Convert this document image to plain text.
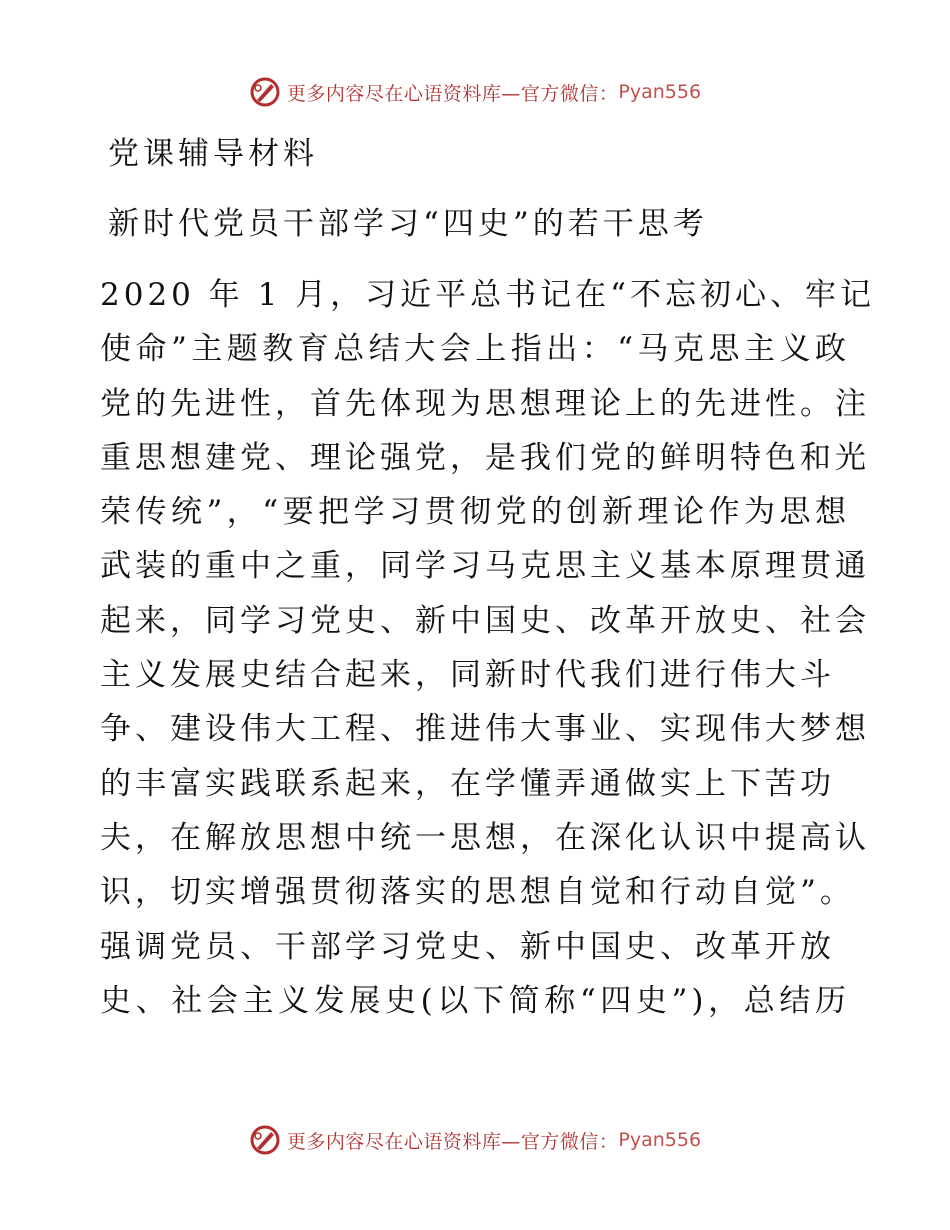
更多内容尽在心语资料库—官方微信： Pyan556
党课辅导材料
新时代党员干部学习“四史”的若干思考
2020 年 1 月，习近平总书记在“不忘初心、牢记
使命”主题教育总结大会上指出：“马克思主义政
党的先进性，首先体现为思想理论上的先进性。注
重思想建党、理论强党，是我们党的鲜明特色和光
荣传统”，“要把学习贯彻党的创新理论作为思想
武装的重中之重，同学习马克思主义基本原理贯通
起来，同学习党史、新中国史、改革开放史、社会
主义发展史结合起来，同新时代我们进行伟大斗
争、建设伟大工程、推进伟大事业、实现伟大梦想
的丰富实践联系起来，在学懂弄通做实上下苦功
夫，在解放思想中统一思想，在深化认识中提高认
识，切实增强贯彻落实的思想自觉和行动自觉”。
强调党员、干部学习党史、新中国史、改革开放
史、社会主义发展史(以下简称“四史”)，总结历
更多内容尽在心语资料库—官方微信： Pyan556
